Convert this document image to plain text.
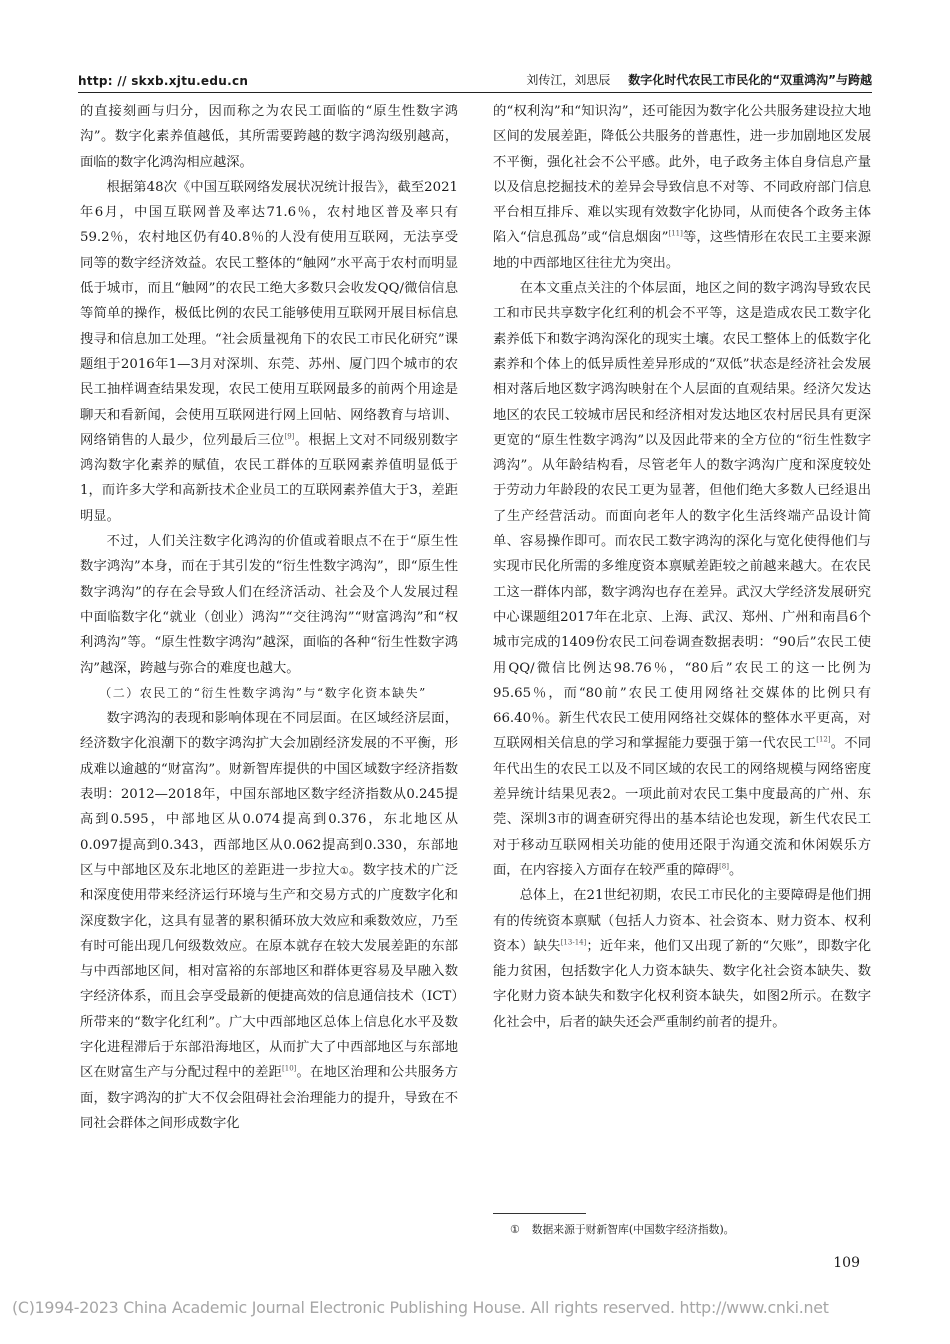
http: // skxb.xjtu.edu.cn	刘传江，刘思辰 数字化时代农民工市民化的“双重鸿沟”与跨越

的直接刻画与归分，因而称之为农民工面临的“原生性数字鸿沟”。数字化素养值越低，其所需要跨越的数字鸿沟级别越高，面临的数字化鸿沟相应越深。

根据第48次《中国互联网络发展状况统计报告》，截至2021年6月，中国互联网普及率达71.6％，农村地区普及率只有59.2％，农村地区仍有40.8％的人没有使用互联网，无法享受同等的数字经济效益。农民工整体的“触网”水平高于农村而明显低于城市，而且“触网”的农民工绝大多数只会收发QQ/微信信息等简单的操作，极低比例的农民工能够使用互联网开展目标信息搜寻和信息加工处理。“社会质量视角下的农民工市民化研究”课题组于2016年1—3月对深圳、东莞、苏州、厦门四个城市的农民工抽样调查结果发现，农民工使用互联网最多的前两个用途是聊天和看新闻，会使用互联网进行网上回帖、网络教育与培训、网络销售的人最少，位列最后三位[9]。根据上文对不同级别数字鸿沟数字化素养的赋值，农民工群体的互联网素养值明显低于1，而许多大学和高新技术企业员工的互联网素养值大于3，差距明显。

不过，人们关注数字化鸿沟的价值或着眼点不在于“原生性数字鸿沟”本身，而在于其引发的“衍生性数字鸿沟”，即“原生性数字鸿沟”的存在会导致人们在经济活动、社会及个人发展过程中面临数字化“就业（创业）鸿沟”“交往鸿沟”“财富鸿沟”和“权利鸿沟”等。“原生性数字鸿沟”越深，面临的各种“衍生性数字鸿沟”越深，跨越与弥合的难度也越大。

（二）农民工的“衍生性数字鸿沟”与“数字化资本缺失”

数字鸿沟的表现和影响体现在不同层面。在区域经济层面，经济数字化浪潮下的数字鸿沟扩大会加剧经济发展的不平衡，形成难以逾越的“财富沟”。财新智库提供的中国区域数字经济指数表明：2012—2018年，中国东部地区数字经济指数从0.245提高到0.595，中部地区从0.074提高到0.376，东北地区从0.097提高到0.343，西部地区从0.062提高到0.330，东部地区与中部地区及东北地区的差距进一步拉大①。数字技术的广泛和深度使用带来经济运行环境与生产和交易方式的广度数字化和深度数字化，这具有显著的累积循环放大效应和乘数效应，乃至有时可能出现几何级数效应。在原本就存在较大发展差距的东部与中西部地区间，相对富裕的东部地区和群体更容易及早融入数字经济体系，而且会享受最新的便捷高效的信息通信技术（ICT）所带来的“数字化红利”。广大中西部地区总体上信息化水平及数字化进程滞后于东部沿海地区，从而扩大了中西部地区与东部地区在财富生产与分配过程中的差距[10]。在地区治理和公共服务方面，数字鸿沟的扩大不仅会阻碍社会治理能力的提升，导致在不同社会群体之间形成数字化

的“权利沟”和“知识沟”，还可能因为数字化公共服务建设拉大地区间的发展差距，降低公共服务的普惠性，进一步加剧地区发展不平衡，强化社会不公平感。此外，电子政务主体自身信息产量以及信息挖掘技术的差异会导致信息不对等、不同政府部门信息平台相互排斥、难以实现有效数字化协同，从而使各个政务主体陷入“信息孤岛”或“信息烟囱”[11]等，这些情形在农民工主要来源地的中西部地区往往尤为突出。

在本文重点关注的个体层面，地区之间的数字鸿沟导致农民工和市民共享数字化红利的机会不平等，这是造成农民工数字化素养低下和数字鸿沟深化的现实土壤。农民工整体上的低数字化素养和个体上的低异质性差异形成的“双低”状态是经济社会发展相对落后地区数字鸿沟映射在个人层面的直观结果。经济欠发达地区的农民工较城市居民和经济相对发达地区农村居民具有更深更宽的“原生性数字鸿沟”以及因此带来的全方位的“衍生性数字鸿沟”。从年龄结构看，尽管老年人的数字鸿沟广度和深度较处于劳动力年龄段的农民工更为显著，但他们绝大多数人已经退出了生产经营活动。而面向老年人的数字化生活终端产品设计简单、容易操作即可。而农民工数字鸿沟的深化与宽化使得他们与实现市民化所需的多维度资本禀赋差距较之前越来越大。在农民工这一群体内部，数字鸿沟也存在差异。武汉大学经济发展研究中心课题组2017年在北京、上海、武汉、郑州、广州和南昌6个城市完成的1409份农民工问卷调查数据表明：“90后”农民工使用QQ/微信比例达98.76％，“80后”农民工的这一比例为95.65％，而“80前”农民工使用网络社交媒体的比例只有66.40％。新生代农民工使用网络社交媒体的整体水平更高，对互联网相关信息的学习和掌握能力要强于第一代农民工[12]。不同年代出生的农民工以及不同区域的农民工的网络规模与网络密度差异统计结果见表2。一项此前对农民工集中度最高的广州、东莞、深圳3市的调查研究得出的基本结论也发现，新生代农民工对于移动互联网相关功能的使用还限于沟通交流和休闲娱乐方面，在内容接入方面存在较严重的障碍[8]。

总体上，在21世纪初期，农民工市民化的主要障碍是他们拥有的传统资本禀赋（包括人力资本、社会资本、财力资本、权利资本）缺失[13-14]；近年来，他们又出现了新的“欠账”，即数字化能力贫困，包括数字化人力资本缺失、数字化社会资本缺失、数字化财力资本缺失和数字化权利资本缺失，如图2所示。在数字化社会中，后者的缺失还会严重制约前者的提升。

① 数据来源于财新智库(中国数字经济指数)。
109
(C)1994-2023 China Academic Journal Electronic Publishing House. All rights reserved. http://www.cnki.net
